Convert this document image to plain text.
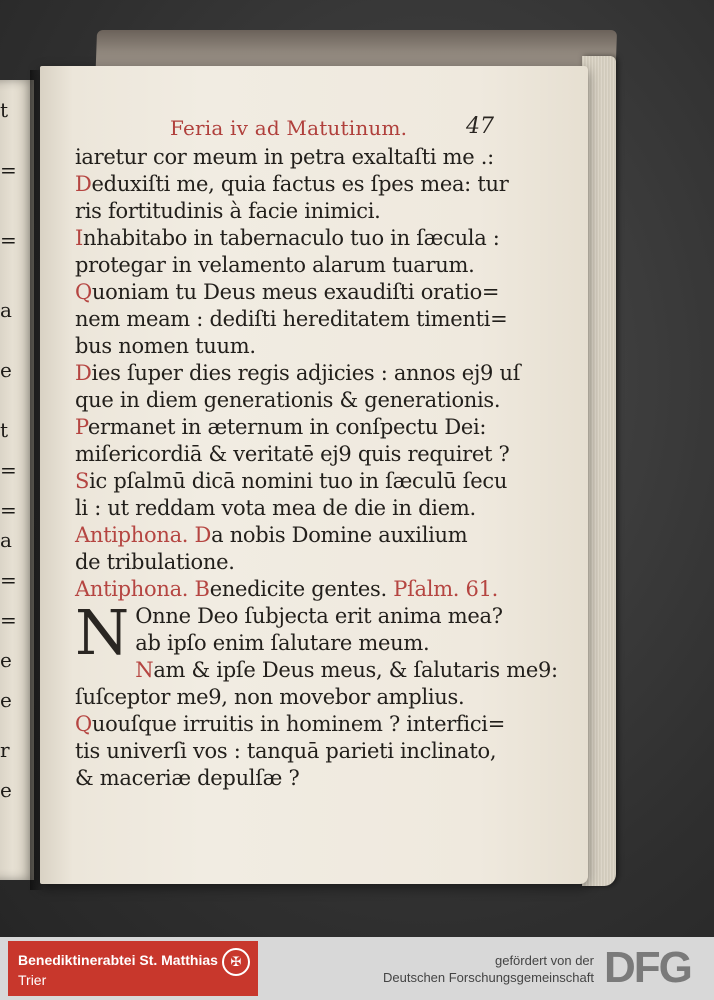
t
=
=
a
e
t
=
=
a
=
=
e
e
r
e
Feria iv ad Matutinum.	47
iaretur cor meum in petra exaltaſti me .:
Deduxiſti me, quia factus es ſpes mea: tur
ris fortitudinis à facie inimici.
Inhabitabo in tabernaculo tuo in ſæcula :
protegar in velamento alarum tuarum.
Quoniam tu Deus meus exaudiſti oratio=
nem meam : dediſti hereditatem timenti=
bus nomen tuum.
Dies ſuper dies regis adjicies : annos ej9 uſ
que in diem generationis & generationis.
Permanet in æternum in conſpectu Dei:
miſericordiā & veritatē ej9 quis requiret ?
Sic pſalmū dicā nomini tuo in ſæculū ſecu
li : ut reddam vota mea de die in diem.
Antiphona. Da nobis Domine auxilium
de tribulatione.
Antiphona. Benedicite gentes. Pſalm. 61.
N Onne Deo ſubjecta erit anima mea?
ab ipſo enim ſalutare meum.
Nam & ipſe Deus meus, & ſalutaris me9:
ſuſceptor me9, non movebor amplius.
Quouſque irruitis in hominem ? interfici=
tis univerſi vos : tanquā parieti inclinato,
& maceriæ depulſæ ?
Benediktinerabtei St. Matthias
Trier
✠	gefördert von der
Deutschen Forschungsgemeinschaft DFG
